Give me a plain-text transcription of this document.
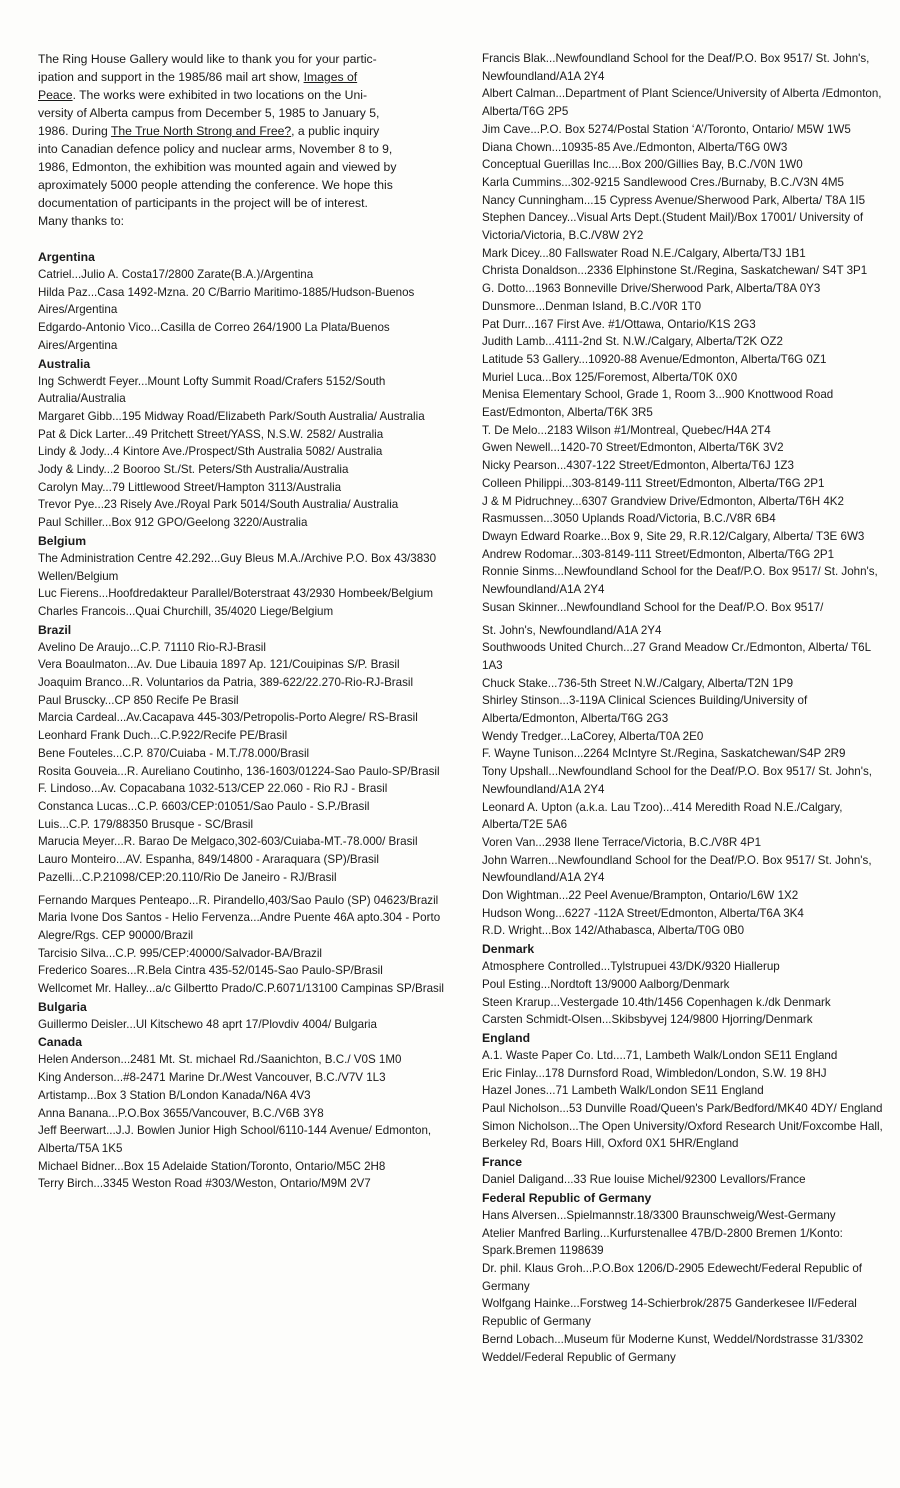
The Ring House Gallery would like to thank you for your partic-
ipation and support in the 1985/86 mail art show, Images of
Peace. The works were exhibited in two locations on the Uni-
versity of Alberta campus from December 5, 1985 to January 5,
1986. During The True North Strong and Free?, a public inquiry
into Canadian defence policy and nuclear arms, November 8 to 9,
1986, Edmonton, the exhibition was mounted again and viewed by
aproximately 5000 people attending the conference. We hope this
documentation of participants in the project will be of interest.
Many thanks to:
Argentina
Catriel...Julio A. Costa17/2800 Zarate(B.A.)/Argentina
Hilda Paz...Casa 1492-Mzna. 20 C/Barrio Maritimo-1885/Hudson-Buenos Aires/Argentina
Edgardo-Antonio Vico...Casilla de Correo 264/1900 La Plata/Buenos Aires/Argentina
Australia
Ing Schwerdt Feyer...Mount Lofty Summit Road/Crafers 5152/South Autralia/Australia
Margaret Gibb...195 Midway Road/Elizabeth Park/South Australia/ Australia
Pat & Dick Larter...49 Pritchett Street/YASS, N.S.W. 2582/ Australia
Lindy & Jody...4 Kintore Ave./Prospect/Sth Australia 5082/ Australia
Jody & Lindy...2 Booroo St./St. Peters/Sth Australia/Australia
Carolyn May...79 Littlewood Street/Hampton 3113/Australia
Trevor Pye...23 Risely Ave./Royal Park 5014/South Australia/ Australia
Paul Schiller...Box 912 GPO/Geelong 3220/Australia
Belgium
The Administration Centre 42.292...Guy Bleus M.A./Archive P.O. Box 43/3830 Wellen/Belgium
Luc Fierens...Hoofdredakteur Parallel/Boterstraat 43/2930 Hombeek/Belgium
Charles Francois...Quai Churchill, 35/4020 Liege/Belgium
Brazil
Avelino De Araujo...C.P. 71110 Rio-RJ-Brasil
Vera Boaulmaton...Av. Due Libauia 1897 Ap. 121/Couipinas S/P. Brasil
Joaquim Branco...R. Voluntarios da Patria, 389-622/22.270-Rio-RJ-Brasil
Paul Bruscky...CP 850 Recife Pe Brasil
Marcia Cardeal...Av.Cacapava 445-303/Petropolis-Porto Alegre/ RS-Brasil
Leonhard Frank Duch...C.P.922/Recife PE/Brasil
Bene Fouteles...C.P. 870/Cuiaba - M.T./78.000/Brasil
Rosita Gouveia...R. Aureliano Coutinho, 136-1603/01224-Sao Paulo-SP/Brasil
F. Lindoso...Av. Copacabana 1032-513/CEP 22.060 - Rio RJ - Brasil
Constanca Lucas...C.P. 6603/CEP:01051/Sao Paulo - S.P./Brasil
Luis...C.P. 179/88350 Brusque - SC/Brasil
Marucia Meyer...R. Barao De Melgaco,302-603/Cuiaba-MT.-78.000/ Brasil
Lauro Monteiro...AV. Espanha, 849/14800 - Araraquara (SP)/Brasil
Pazelli...C.P.21098/CEP:20.110/Rio De Janeiro - RJ/Brasil
Fernando Marques Penteapo...R. Pirandello,403/Sao Paulo (SP) 04623/Brazil
Maria Ivone Dos Santos - Helio Fervenza...Andre Puente 46A apto.304 - Porto Alegre/Rgs. CEP 90000/Brazil
Tarcisio Silva...C.P. 995/CEP:40000/Salvador-BA/Brazil
Frederico Soares...R.Bela Cintra 435-52/0145-Sao Paulo-SP/Brasil
Wellcomet Mr. Halley...a/c Gilbertto Prado/C.P.6071/13100 Campinas SP/Brasil
Bulgaria
Guillermo Deisler...Ul Kitschewo 48 aprt 17/Plovdiv 4004/ Bulgaria
Canada
Helen Anderson...2481 Mt. St. michael Rd./Saanichton, B.C./ V0S 1M0
King Anderson...#8-2471 Marine Dr./West Vancouver, B.C./V7V 1L3
Artistamp...Box 3 Station B/London Kanada/N6A 4V3
Anna Banana...P.O.Box 3655/Vancouver, B.C./V6B 3Y8
Jeff Beerwart...J.J. Bowlen Junior High School/6110-144 Avenue/ Edmonton, Alberta/T5A 1K5
Michael Bidner...Box 15 Adelaide Station/Toronto, Ontario/M5C 2H8
Terry Birch...3345 Weston Road #303/Weston, Ontario/M9M 2V7
Francis Blak...Newfoundland School for the Deaf/P.O. Box 9517/ St. John's, Newfoundland/A1A 2Y4
Albert Calman...Department of Plant Science/University of Alberta /Edmonton, Alberta/T6G 2P5
Jim Cave...P.O. Box 5274/Postal Station ‘A’/Toronto, Ontario/ M5W 1W5
Diana Chown...10935-85 Ave./Edmonton, Alberta/T6G 0W3
Conceptual Guerillas Inc....Box 200/Gillies Bay, B.C./V0N 1W0
Karla Cummins...302-9215 Sandlewood Cres./Burnaby, B.C./V3N 4M5
Nancy Cunningham...15 Cypress Avenue/Sherwood Park, Alberta/ T8A 1I5
Stephen Dancey...Visual Arts Dept.(Student Mail)/Box 17001/ University of Victoria/Victoria, B.C./V8W 2Y2
Mark Dicey...80 Fallswater Road N.E./Calgary, Alberta/T3J 1B1
Christa Donaldson...2336 Elphinstone St./Regina, Saskatchewan/ S4T 3P1
G. Dotto...1963 Bonneville Drive/Sherwood Park, Alberta/T8A 0Y3
Dunsmore...Denman Island, B.C./V0R 1T0
Pat Durr...167 First Ave. #1/Ottawa, Ontario/K1S 2G3
Judith Lamb...4111-2nd St. N.W./Calgary, Alberta/T2K OZ2
Latitude 53 Gallery...10920-88 Avenue/Edmonton, Alberta/T6G 0Z1
Muriel Luca...Box 125/Foremost, Alberta/T0K 0X0
Menisa Elementary School, Grade 1, Room 3...900 Knottwood Road East/Edmonton, Alberta/T6K 3R5
T. De Melo...2183 Wilson #1/Montreal, Quebec/H4A 2T4
Gwen Newell...1420-70 Street/Edmonton, Alberta/T6K 3V2
Nicky Pearson...4307-122 Street/Edmonton, Alberta/T6J 1Z3
Colleen Philippi...303-8149-111 Street/Edmonton, Alberta/T6G 2P1
J & M Pidruchney...6307 Grandview Drive/Edmonton, Alberta/T6H 4K2
Rasmussen...3050 Uplands Road/Victoria, B.C./V8R 6B4
Dwayn Edward Roarke...Box 9, Site 29, R.R.12/Calgary, Alberta/ T3E 6W3
Andrew Rodomar...303-8149-111 Street/Edmonton, Alberta/T6G 2P1
Ronnie Sinms...Newfoundland School for the Deaf/P.O. Box 9517/ St. John's, Newfoundland/A1A 2Y4
Susan Skinner...Newfoundland School for the Deaf/P.O. Box 9517/
St. John's, Newfoundland/A1A 2Y4
Southwoods United Church...27 Grand Meadow Cr./Edmonton, Alberta/ T6L 1A3
Chuck Stake...736-5th Street N.W./Calgary, Alberta/T2N 1P9
Shirley Stinson...3-119A Clinical Sciences Building/University of Alberta/Edmonton, Alberta/T6G 2G3
Wendy Tredger...LaCorey, Alberta/T0A 2E0
F. Wayne Tunison...2264 McIntyre St./Regina, Saskatchewan/S4P 2R9
Tony Upshall...Newfoundland School for the Deaf/P.O. Box 9517/ St. John's, Newfoundland/A1A 2Y4
Leonard A. Upton (a.k.a. Lau Tzoo)...414 Meredith Road N.E./Calgary, Alberta/T2E 5A6
Voren Van...2938 Ilene Terrace/Victoria, B.C./V8R 4P1
John Warren...Newfoundland School for the Deaf/P.O. Box 9517/ St. John's, Newfoundland/A1A 2Y4
Don Wightman...22 Peel Avenue/Brampton, Ontario/L6W 1X2
Hudson Wong...6227 -112A Street/Edmonton, Alberta/T6A 3K4
R.D. Wright...Box 142/Athabasca, Alberta/T0G 0B0
Denmark
Atmosphere Controlled...Tylstrupuei 43/DK/9320 Hiallerup
Poul Esting...Nordtoft 13/9000 Aalborg/Denmark
Steen Krarup...Vestergade 10.4th/1456 Copenhagen k./dk Denmark
Carsten Schmidt-Olsen...Skibsbyvej 124/9800 Hjorring/Denmark
England
A.1. Waste Paper Co. Ltd....71, Lambeth Walk/London SE11 England
Eric Finlay...178 Durnsford Road, Wimbledon/London, S.W. 19 8HJ
Hazel Jones...71 Lambeth Walk/London SE11 England
Paul Nicholson...53 Dunville Road/Queen's Park/Bedford/MK40 4DY/ England
Simon Nicholson...The Open University/Oxford Research Unit/Foxcombe Hall, Berkeley Rd, Boars Hill, Oxford 0X1 5HR/England
France
Daniel Daligand...33 Rue louise Michel/92300 Levallors/France
Federal Republic of Germany
Hans Alversen...Spielmannstr.18/3300 Braunschweig/West-Germany
Atelier Manfred Barling...Kurfurstenallee 47B/D-2800 Bremen 1/Konto: Spark.Bremen 1198639
Dr. phil. Klaus Groh...P.O.Box 1206/D-2905 Edewecht/Federal Republic of Germany
Wolfgang Hainke...Forstweg 14-Schierbrok/2875 Ganderkesee II/Federal Republic of Germany
Bernd Lobach...Museum für Moderne Kunst, Weddel/Nordstrasse 31/3302 Weddel/Federal Republic of Germany
